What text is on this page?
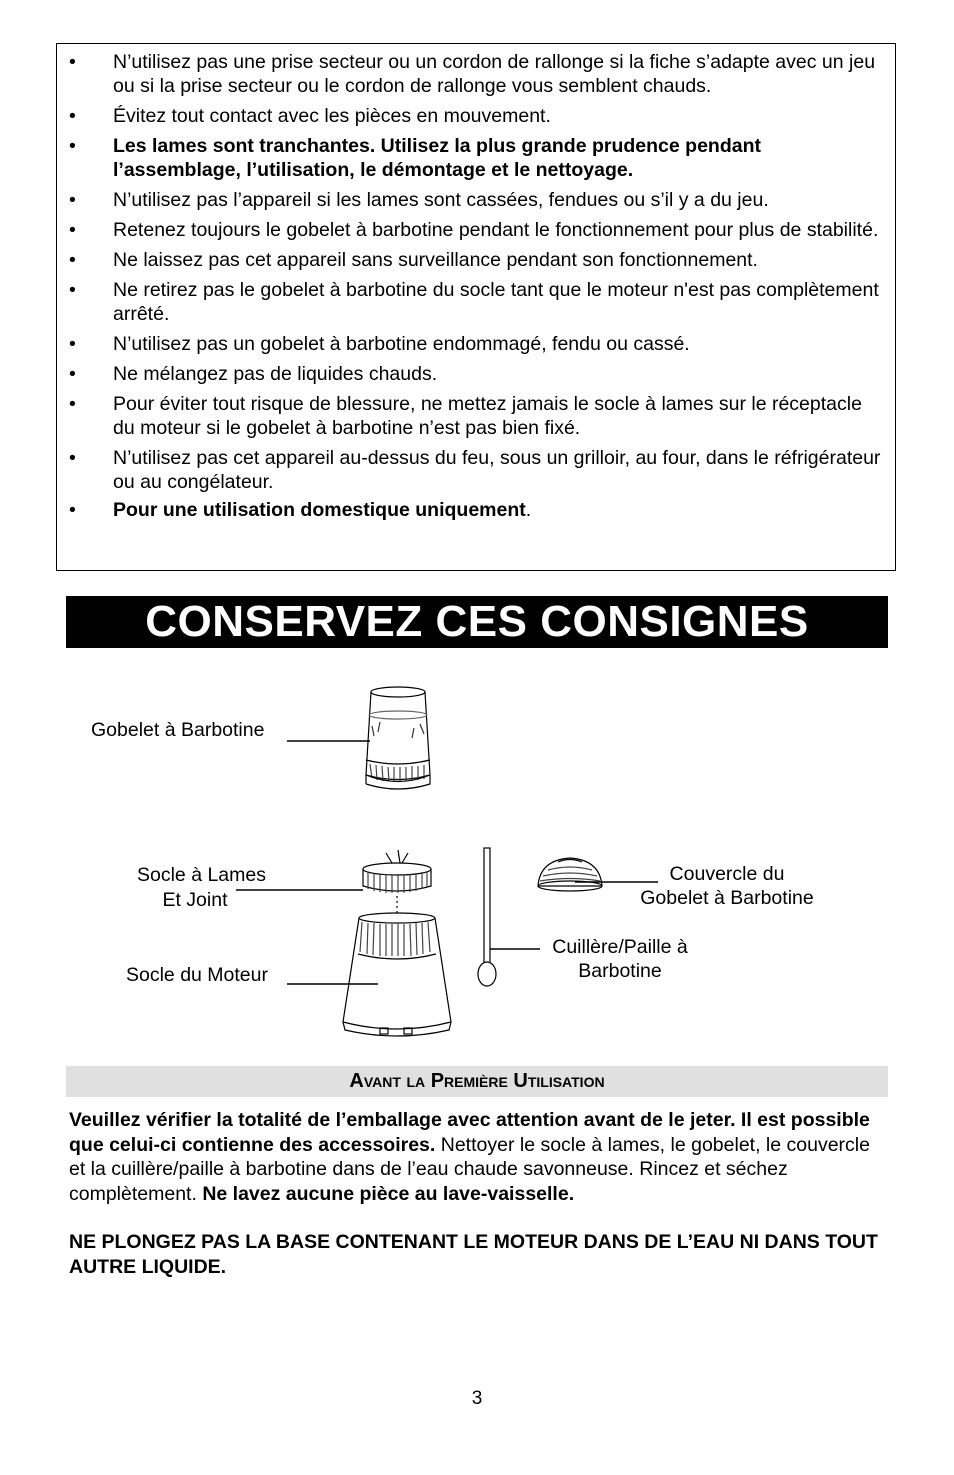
• N’utilisez pas une prise secteur ou un cordon de rallonge si la fiche s’adapte avec un jeu ou si la prise secteur ou le cordon de rallonge vous semblent chauds.
• Évitez tout contact avec les pièces en mouvement.
• Les lames sont tranchantes. Utilisez la plus grande prudence pendant l’assemblage, l’utilisation, le démontage et le nettoyage.
• N’utilisez pas l’appareil si les lames sont cassées, fendues ou s’il y a du jeu.
• Retenez toujours le gobelet à barbotine pendant le fonctionnement pour plus de stabilité.
• Ne laissez pas cet appareil sans surveillance pendant son fonctionnement.
• Ne retirez pas le gobelet à barbotine du socle tant que le moteur n'est pas complètement arrêté.
• N’utilisez pas un gobelet à barbotine endommagé, fendu ou cassé.
• Ne mélangez pas de liquides chauds.
• Pour éviter tout risque de blessure, ne mettez jamais le socle à lames sur le réceptacle du moteur si le gobelet à barbotine n’est pas bien fixé.
• N’utilisez pas cet appareil au-dessus du feu, sous un grilloir, au four, dans le réfrigérateur ou au congélateur.
• Pour une utilisation domestique uniquement.
CONSERVEZ CES CONSIGNES
Gobelet à Barbotine
Socle à Lames
Et Joint
Socle du Moteur
Couvercle du
Gobelet à Barbotine
Cuillère/Paille à
Barbotine
Avant la Première Utilisation

Veuillez vérifier la totalité de l’emballage avec attention avant de le jeter. Il est possible que celui-ci contienne des accessoires. Nettoyer le socle à lames, le gobelet, le couvercle et la cuillère/paille à barbotine dans de l’eau chaude savonneuse. Rincez et séchez complètement. Ne lavez aucune pièce au lave-vaisselle.

NE PLONGEZ PAS LA BASE CONTENANT LE MOTEUR DANS DE L’EAU NI DANS TOUT AUTRE LIQUIDE.

3
